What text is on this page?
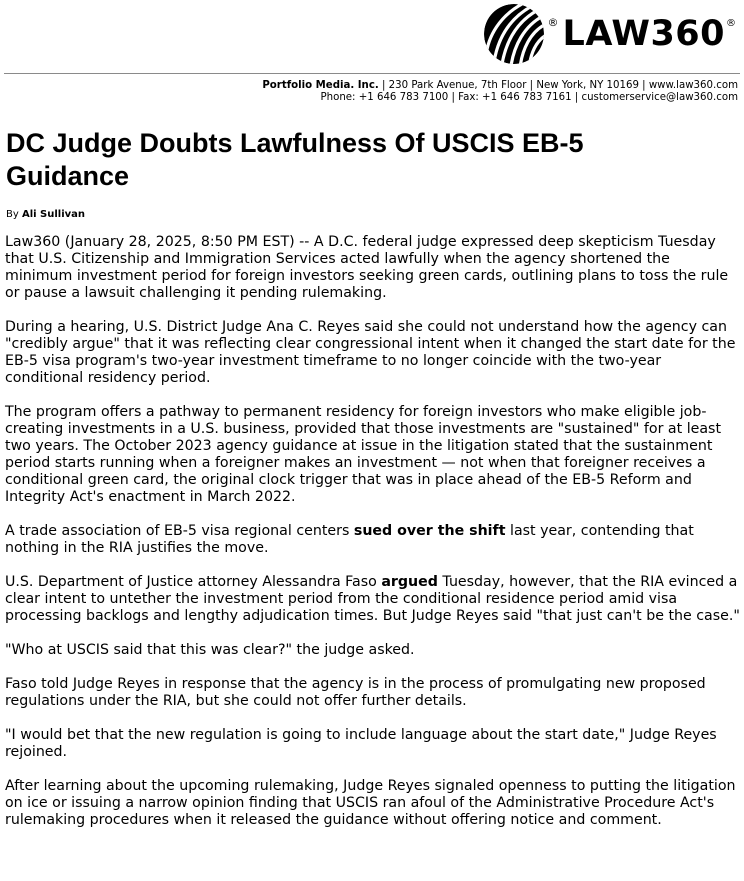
® LAW360 ®
Portfolio Media. Inc. | 230 Park Avenue, 7th Floor | New York, NY 10169 | www.law360.com
Phone: +1 646 783 7100 | Fax: +1 646 783 7161 | customerservice@law360.com
DC Judge Doubts Lawfulness Of USCIS EB-5 Guidance
By Ali Sullivan

Law360 (January 28, 2025, 8:50 PM EST) -- A D.C. federal judge expressed deep skepticism Tuesday that U.S. Citizenship and Immigration Services acted lawfully when the agency shortened the minimum investment period for foreign investors seeking green cards, outlining plans to toss the rule or pause a lawsuit challenging it pending rulemaking.

During a hearing, U.S. District Judge Ana C. Reyes said she could not understand how the agency can "credibly argue" that it was reflecting clear congressional intent when it changed the start date for the EB-5 visa program's two-year investment timeframe to no longer coincide with the two-year conditional residency period.

The program offers a pathway to permanent residency for foreign investors who make eligible job-creating investments in a U.S. business, provided that those investments are "sustained" for at least two years. The October 2023 agency guidance at issue in the litigation stated that the sustainment period starts running when a foreigner makes an investment — not when that foreigner receives a conditional green card, the original clock trigger that was in place ahead of the EB-5 Reform and Integrity Act's enactment in March 2022.

A trade association of EB-5 visa regional centers sued over the shift last year, contending that nothing in the RIA justifies the move.

U.S. Department of Justice attorney Alessandra Faso argued Tuesday, however, that the RIA evinced a clear intent to untether the investment period from the conditional residence period amid visa processing backlogs and lengthy adjudication times. But Judge Reyes said "that just can't be the case."

"Who at USCIS said that this was clear?" the judge asked.

Faso told Judge Reyes in response that the agency is in the process of promulgating new proposed regulations under the RIA, but she could not offer further details.

"I would bet that the new regulation is going to include language about the start date," Judge Reyes rejoined.

After learning about the upcoming rulemaking, Judge Reyes signaled openness to putting the litigation on ice or issuing a narrow opinion finding that USCIS ran afoul of the Administrative Procedure Act's rulemaking procedures when it released the guidance without offering notice and comment.
